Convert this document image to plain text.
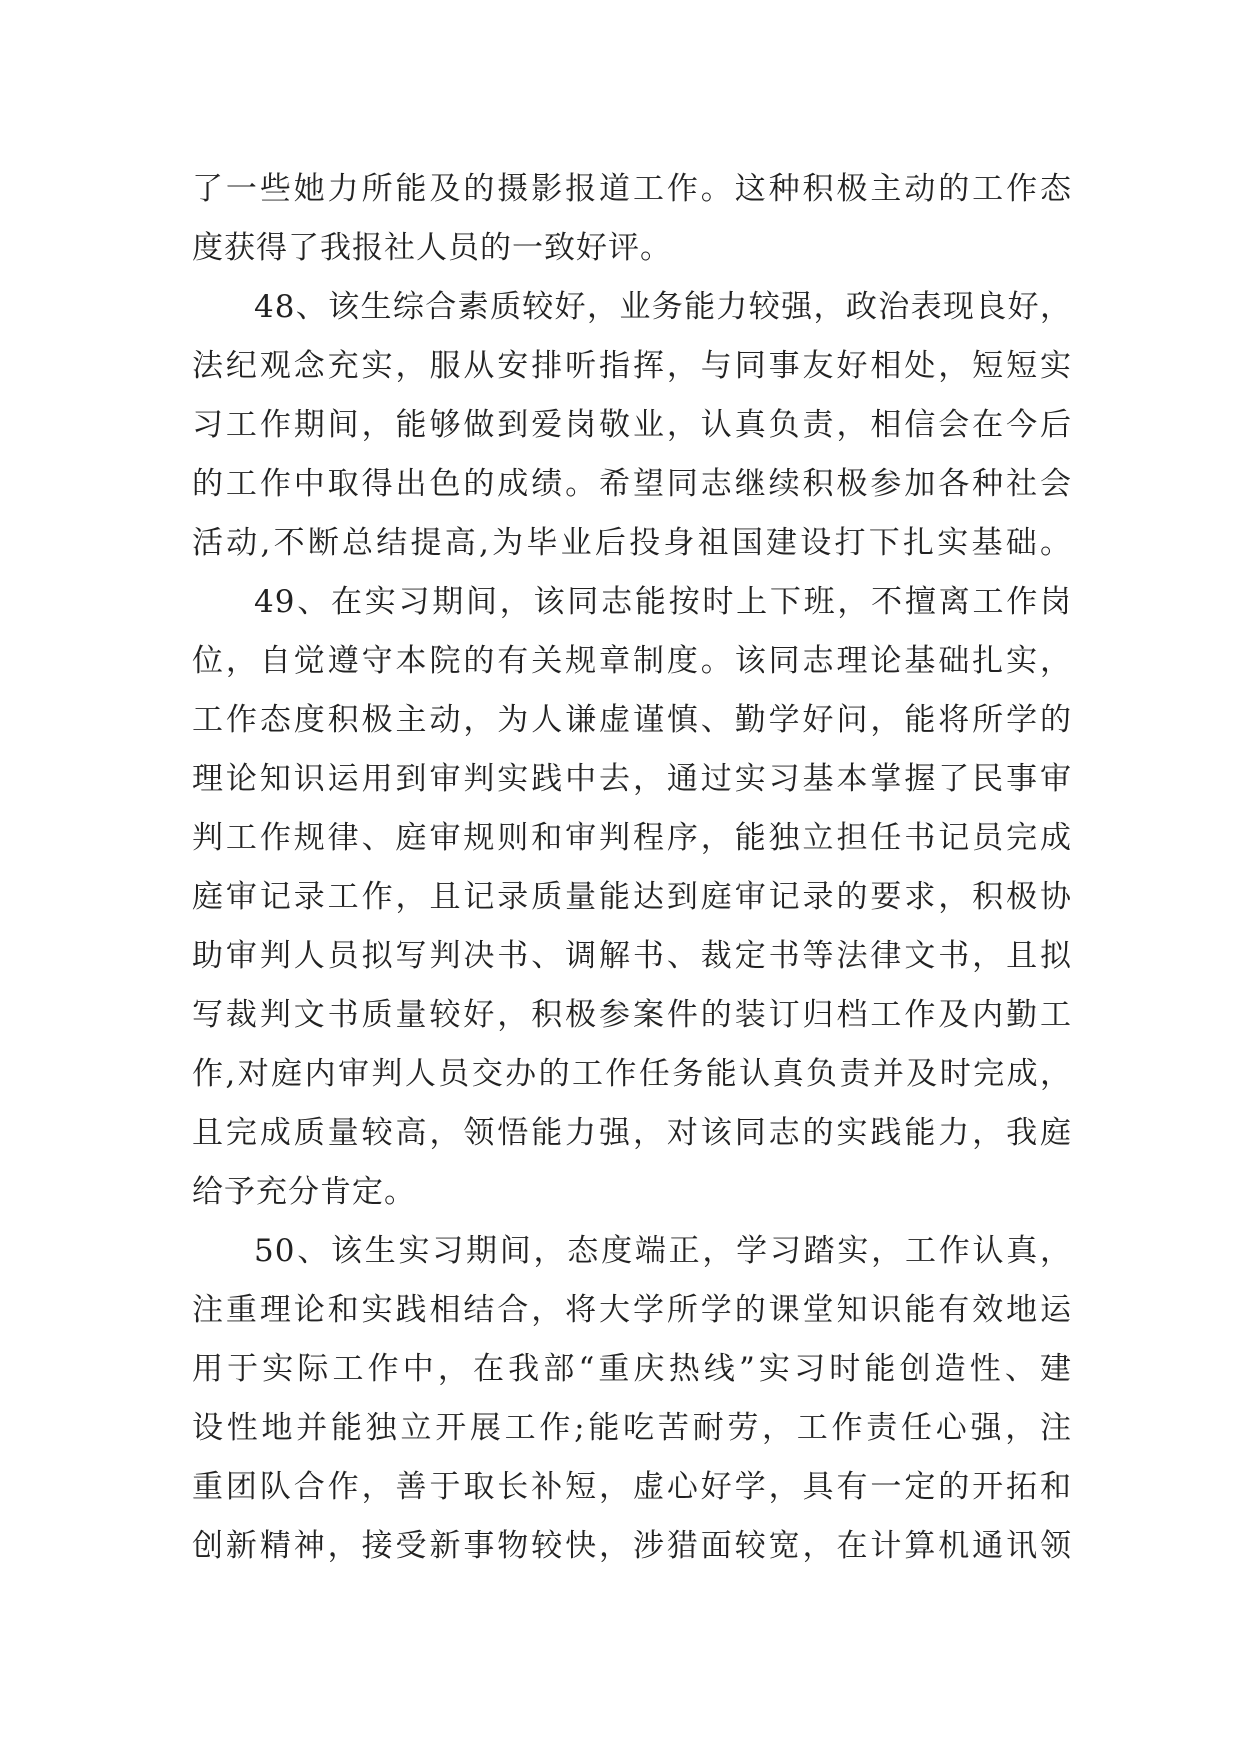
了一些她力所能及的摄影报道工作。这种积极主动的工作态
度获得了我报社人员的一致好评。
48、该生综合素质较好，业务能力较强，政治表现良好，
法纪观念充实，服从安排听指挥，与同事友好相处，短短实
习工作期间，能够做到爱岗敬业，认真负责，相信会在今后
的工作中取得出色的成绩。希望同志继续积极参加各种社会
活动,不断总结提高,为毕业后投身祖国建设打下扎实基础。
49、在实习期间，该同志能按时上下班，不擅离工作岗
位，自觉遵守本院的有关规章制度。该同志理论基础扎实，
工作态度积极主动，为人谦虚谨慎、勤学好问，能将所学的
理论知识运用到审判实践中去，通过实习基本掌握了民事审
判工作规律、庭审规则和审判程序，能独立担任书记员完成
庭审记录工作，且记录质量能达到庭审记录的要求，积极协
助审判人员拟写判决书、调解书、裁定书等法律文书，且拟
写裁判文书质量较好，积极参案件的装订归档工作及内勤工
作,对庭内审判人员交办的工作任务能认真负责并及时完成，
且完成质量较高，领悟能力强，对该同志的实践能力，我庭
给予充分肯定。
50、该生实习期间，态度端正，学习踏实，工作认真，
注重理论和实践相结合，将大学所学的课堂知识能有效地运
用于实际工作中，在我部“重庆热线”实习时能创造性、建
设性地并能独立开展工作;能吃苦耐劳，工作责任心强，注
重团队合作，善于取长补短，虚心好学，具有一定的开拓和
创新精神，接受新事物较快，涉猎面较宽，在计算机通讯领
